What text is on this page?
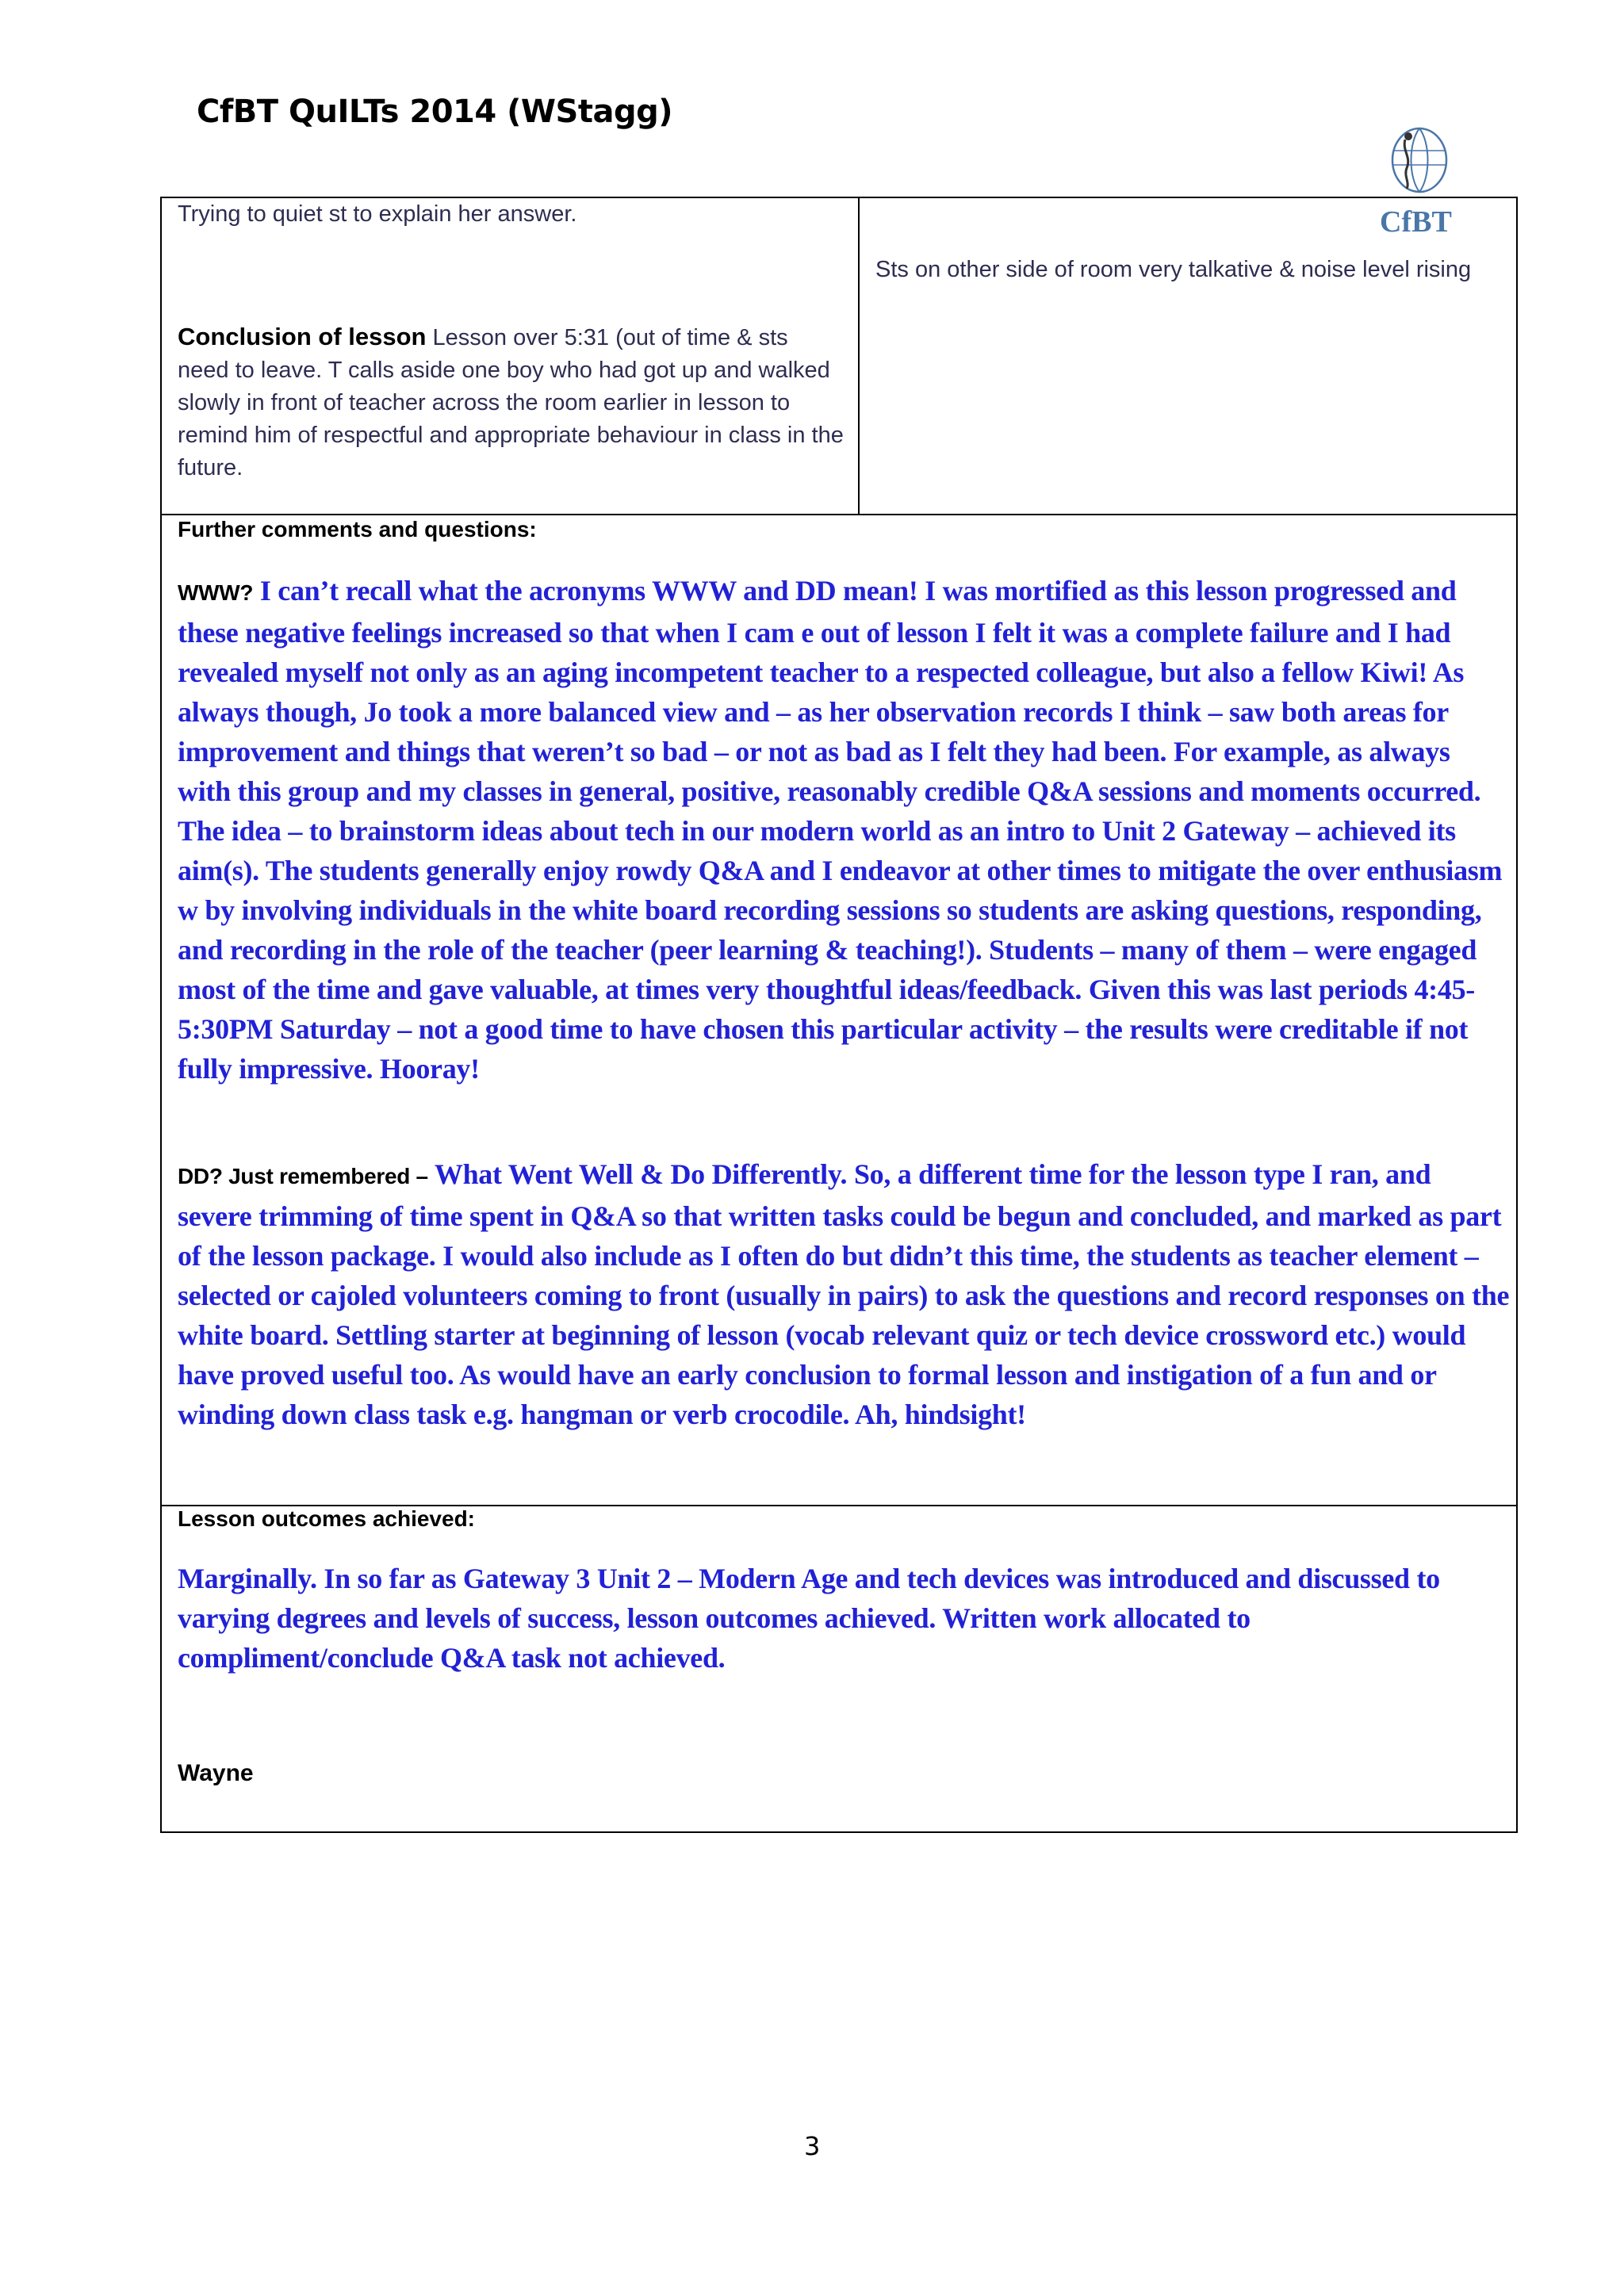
CfBT QuILTs 2014 (WStagg)
CfBT
Trying to quiet st to explain her answer.
Conclusion of lesson Lesson over 5:31 (out of time & sts need to leave. T calls aside one boy who had got up and walked slowly in front of teacher across the room earlier in lesson to remind him of respectful and appropriate behaviour in class in the future.
Sts on other side of room very talkative & noise level rising
Further comments and questions:
WWW? I can’t recall what the acronyms WWW and DD mean! I was mortified as this lesson progressed and these negative feelings increased so that when I cam e out of lesson I felt it was a complete failure and I had revealed myself not only as an aging incompetent teacher to a respected colleague, but also a fellow Kiwi! As always though, Jo took a more balanced view and – as her observation records I think – saw both areas for improvement and things that weren’t so bad – or not as bad as I felt they had been. For example, as always with this group and my classes in general, positive, reasonably credible Q&A sessions and moments occurred. The idea – to brainstorm ideas about tech in our modern world as an intro to Unit 2 Gateway – achieved its aim(s). The students generally enjoy rowdy Q&A and I endeavor at other times to mitigate the over enthusiasm w by involving individuals in the white board recording sessions so students are asking questions, responding, and recording in the role of the teacher (peer learning & teaching!). Students – many of them – were engaged most of the time and gave valuable, at times very thoughtful ideas/feedback. Given this was last periods 4:45-5:30PM Saturday – not a good time to have chosen this particular activity – the results were creditable if not fully impressive. Hooray!
DD? Just remembered – What Went Well & Do Differently. So, a different time for the lesson type I ran, and severe trimming of time spent in Q&A so that written tasks could be begun and concluded, and marked as part of the lesson package. I would also include as I often do but didn’t this time, the students as teacher element – selected or cajoled volunteers coming to front (usually in pairs) to ask the questions and record responses on the white board. Settling starter at beginning of lesson (vocab relevant quiz or tech device crossword etc.) would have proved useful too. As would have an early conclusion to formal lesson and instigation of a fun and or winding down class task e.g. hangman or verb crocodile. Ah, hindsight!
Lesson outcomes achieved:
Marginally. In so far as Gateway 3 Unit 2 – Modern Age and tech devices was introduced and discussed to varying degrees and levels of success, lesson outcomes achieved. Written work allocated to compliment/conclude Q&A task not achieved.
Wayne
3
